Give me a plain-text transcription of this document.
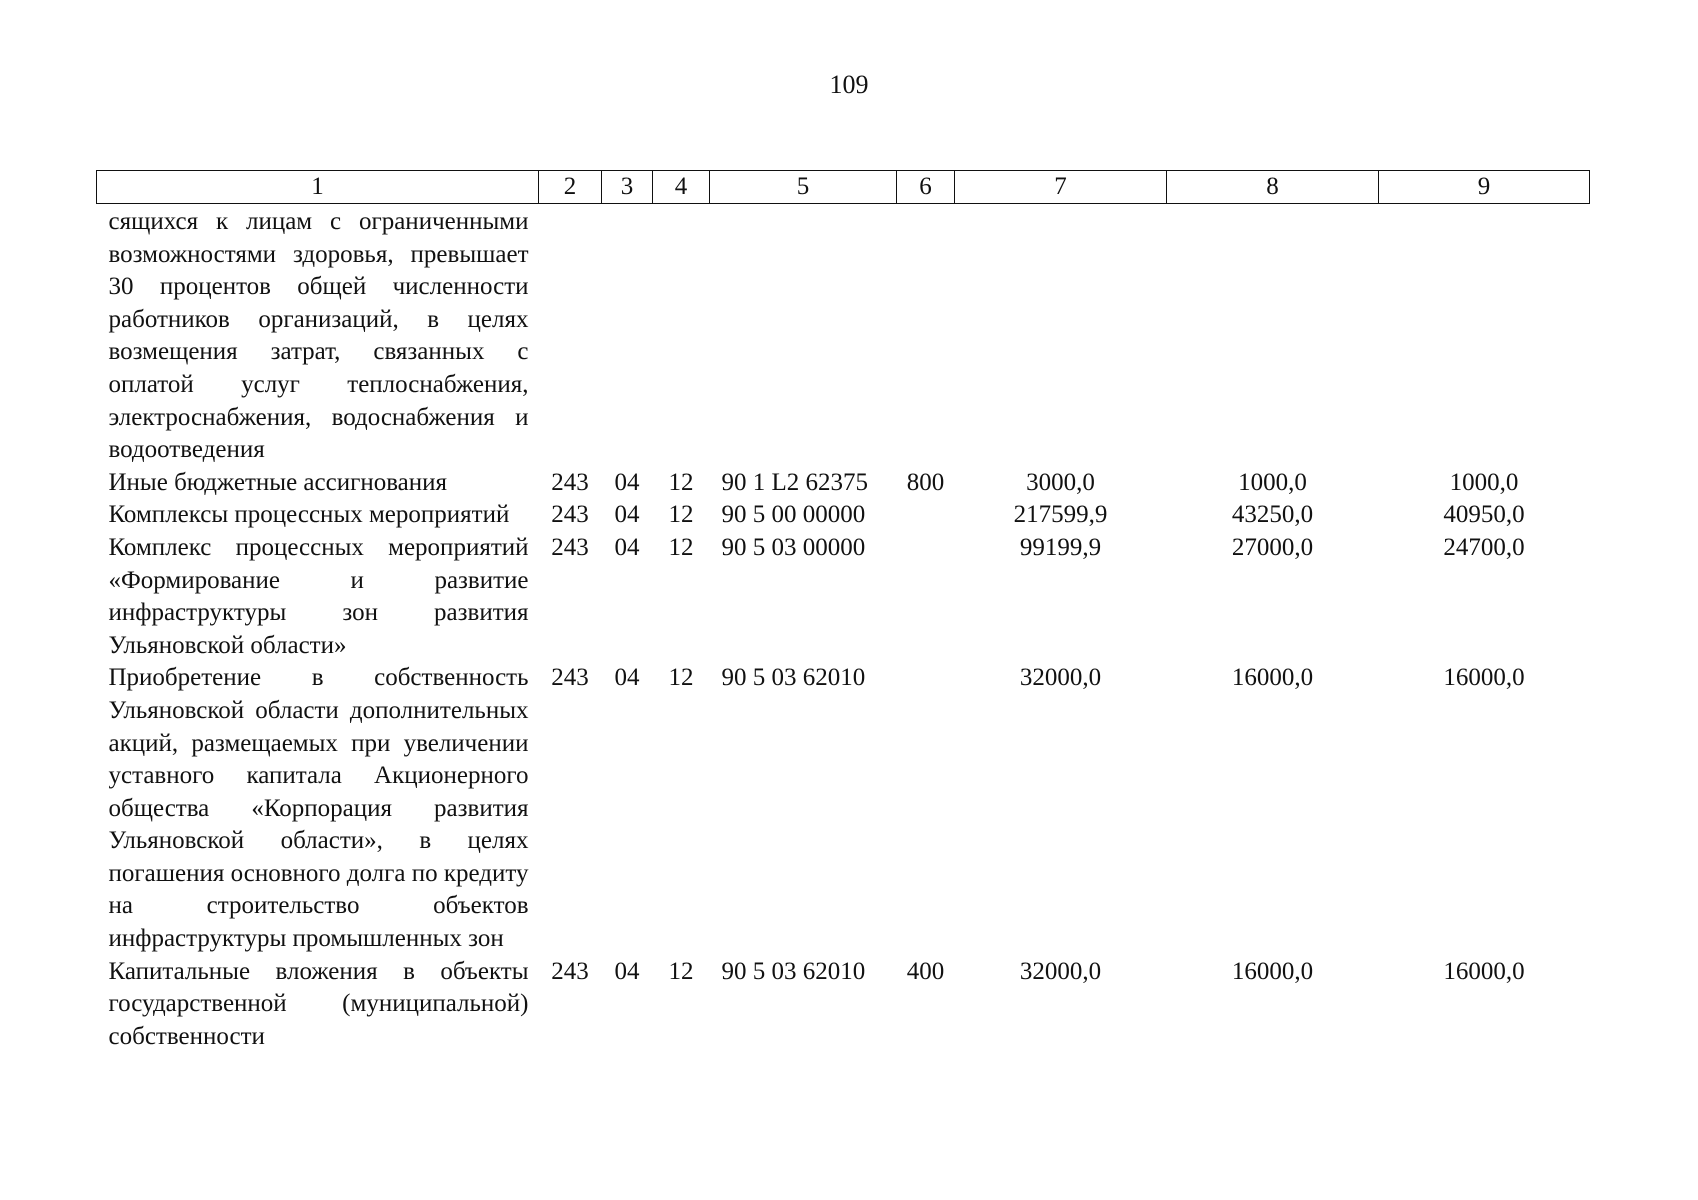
109
1	2	3	4	5	6	7	8	9
сящихся к лицам с ограниченными возможностями здоровья, превышает 30 процентов общей численности работников организаций, в целях возмещения затрат, связанных с оплатой услуг теплоснабжения, электроснабжения, водоснабжения и водоотведения								
Иные бюджетные ассигнования	243	04	12	90 1 L2 62375	800	3000,0	1000,0	1000,0
Комплексы процессных мероприятий	243	04	12	90 5 00 00000		217599,9	43250,0	40950,0
Комплекс процессных мероприятий «Формирование и развитие инфраструктуры зон развития Ульяновской области»	243	04	12	90 5 03 00000		99199,9	27000,0	24700,0
Приобретение в собственность Ульяновской области дополнительных акций, размещаемых при увеличении уставного капитала Акционерного общества «Корпорация развития Ульяновской области», в целях погашения основного долга по кредиту на строительство объектов инфраструктуры промышленных зон	243	04	12	90 5 03 62010		32000,0	16000,0	16000,0
Капитальные вложения в объекты государственной (муниципальной) собственности	243	04	12	90 5 03 62010	400	32000,0	16000,0	16000,0
